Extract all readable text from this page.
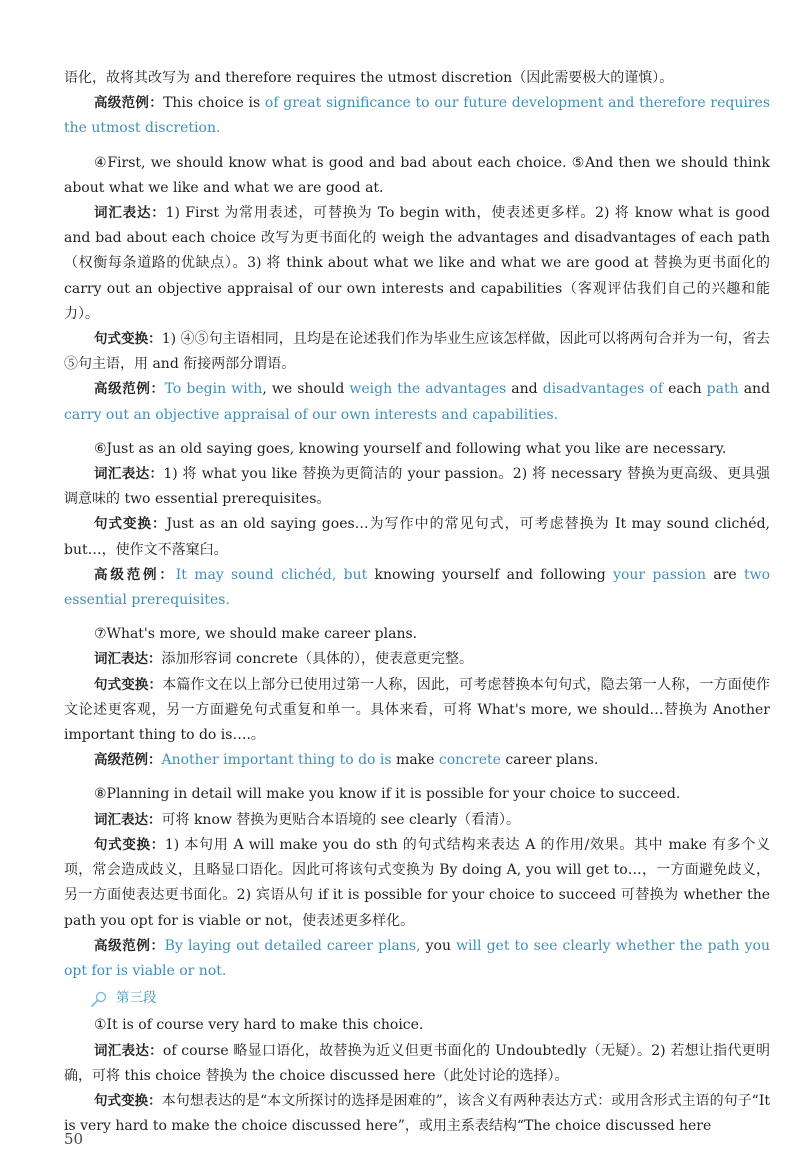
语化，故将其改写为 and therefore requires the utmost discretion（因此需要极大的谨慎）。

高级范例：This choice is of great significance to our future development and therefore requires the utmost discretion.

④First, we should know what is good and bad about each choice. ⑤And then we should think about what we like and what we are good at.

词汇表达：1) First 为常用表述，可替换为 To begin with，使表述更多样。2) 将 know what is good and bad about each choice 改写为更书面化的 weigh the advantages and disadvantages of each path（权衡每条道路的优缺点）。3) 将 think about what we like and what we are good at 替换为更书面化的 carry out an objective appraisal of our own interests and capabilities（客观评估我们自己的兴趣和能力）。

句式变换：1) ④⑤句主语相同，且均是在论述我们作为毕业生应该怎样做，因此可以将两句合并为一句，省去⑤句主语，用 and 衔接两部分谓语。

高级范例：To begin with, we should weigh the advantages and disadvantages of each path and carry out an objective appraisal of our own interests and capabilities.

⑥Just as an old saying goes, knowing yourself and following what you like are necessary.

词汇表达：1) 将 what you like 替换为更简洁的 your passion。2) 将 necessary 替换为更高级、更具强调意味的 two essential prerequisites。

句式变换：Just as an old saying goes…为写作中的常见句式，可考虑替换为 It may sound clichéd, but…，使作文不落窠臼。

高级范例：It may sound clichéd, but knowing yourself and following your passion are two essential prerequisites.

⑦What's more, we should make career plans.

词汇表达：添加形容词 concrete（具体的），使表意更完整。

句式变换：本篇作文在以上部分已使用过第一人称，因此，可考虑替换本句句式，隐去第一人称，一方面使作文论述更客观，另一方面避免句式重复和单一。具体来看，可将 What's more, we should…替换为 Another important thing to do is….。

高级范例：Another important thing to do is make concrete career plans.

⑧Planning in detail will make you know if it is possible for your choice to succeed.

词汇表达：可将 know 替换为更贴合本语境的 see clearly（看清）。

句式变换：1) 本句用 A will make you do sth 的句式结构来表达 A 的作用/效果。其中 make 有多个义项，常会造成歧义，且略显口语化。因此可将该句式变换为 By doing A, you will get to…，一方面避免歧义，另一方面使表达更书面化。2) 宾语从句 if it is possible for your choice to succeed 可替换为 whether the path you opt for is viable or not，使表述更多样化。

高级范例：By laying out detailed career plans, you will get to see clearly whether the path you opt for is viable or not.

第三段

①It is of course very hard to make this choice.

词汇表达：of course 略显口语化，故替换为近义但更书面化的 Undoubtedly（无疑）。2) 若想让指代更明确，可将 this choice 替换为 the choice discussed here（此处讨论的选择）。

句式变换：本句想表达的是“本文所探讨的选择是困难的”，该含义有两种表达方式：或用含形式主语的句子“It is very hard to make the choice discussed here”，或用主系表结构“The choice discussed here

50
